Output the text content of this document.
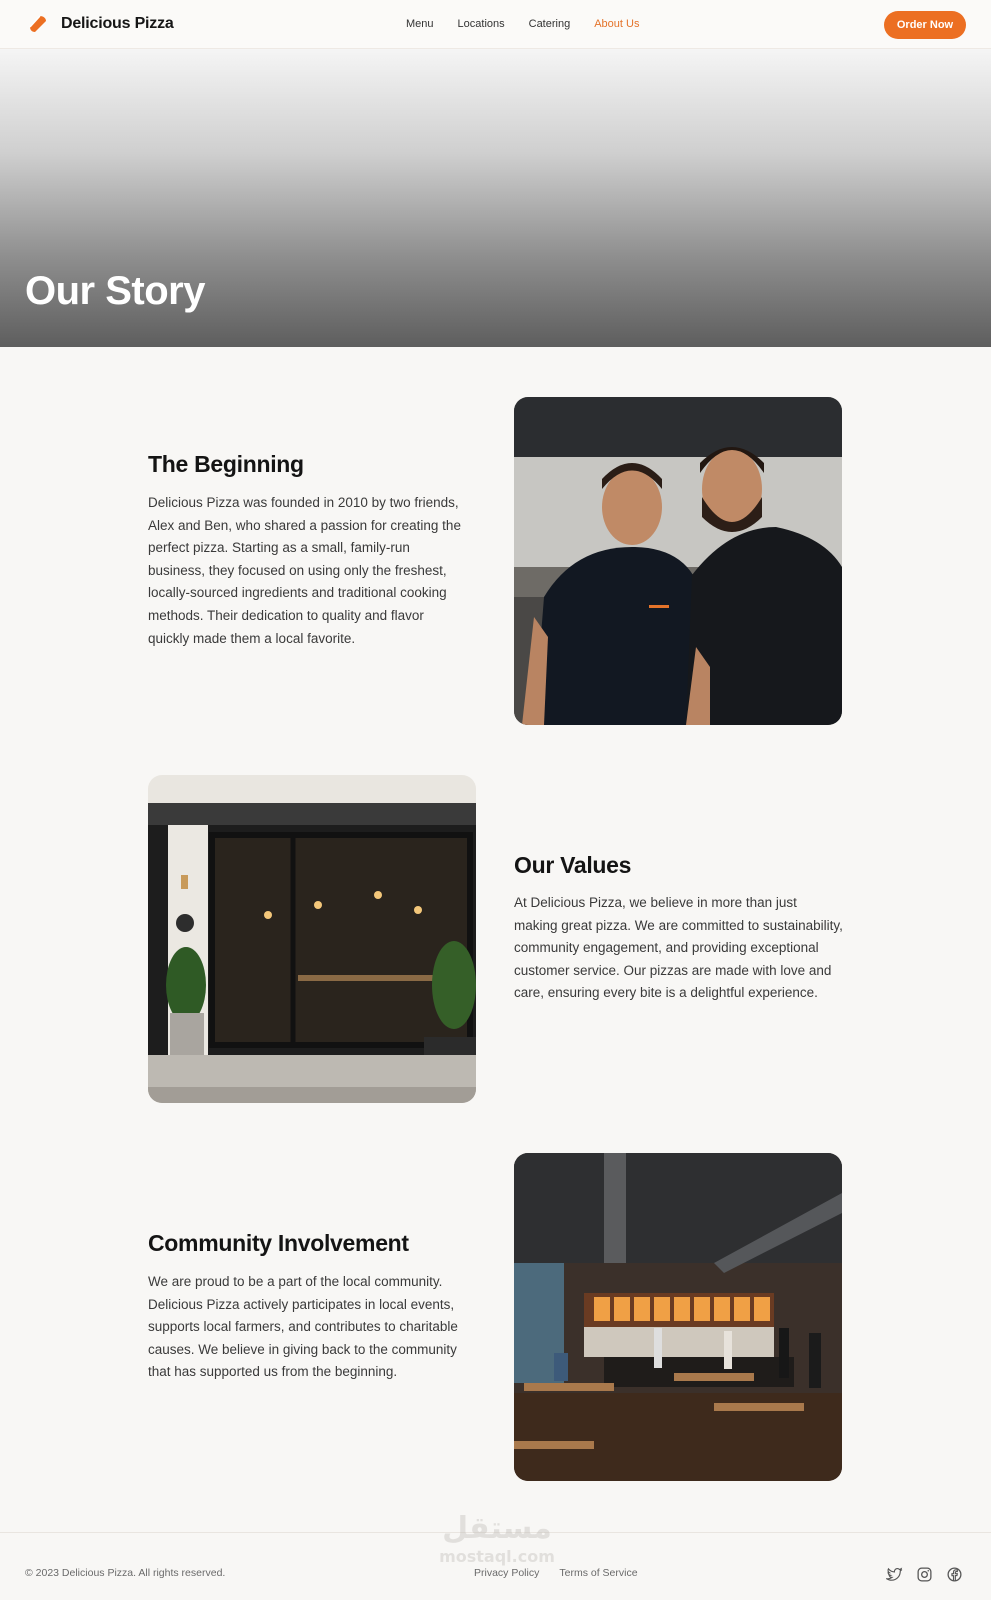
Delicious Pizza	Menu Locations Catering About Us	Order Now
Our Story
The Beginning

Delicious Pizza was founded in 2010 by two friends, Alex and Ben, who shared a passion for creating the perfect pizza. Starting as a small, family-run business, they focused on using only the freshest, locally-sourced ingredients and traditional cooking methods. Their dedication to quality and flavor quickly made them a local favorite.

Our Values

At Delicious Pizza, we believe in more than just making great pizza. We are committed to sustainability, community engagement, and providing exceptional customer service. Our pizzas are made with love and care, ensuring every bite is a delightful experience.

Community Involvement

We are proud to be a part of the local community. Delicious Pizza actively participates in local events, supports local farmers, and contributes to charitable causes. We believe in giving back to the community that has supported us from the beginning.

© 2023 Delicious Pizza. All rights reserved.	Privacy Policy Terms of Service
مستقل
mostaql.com
